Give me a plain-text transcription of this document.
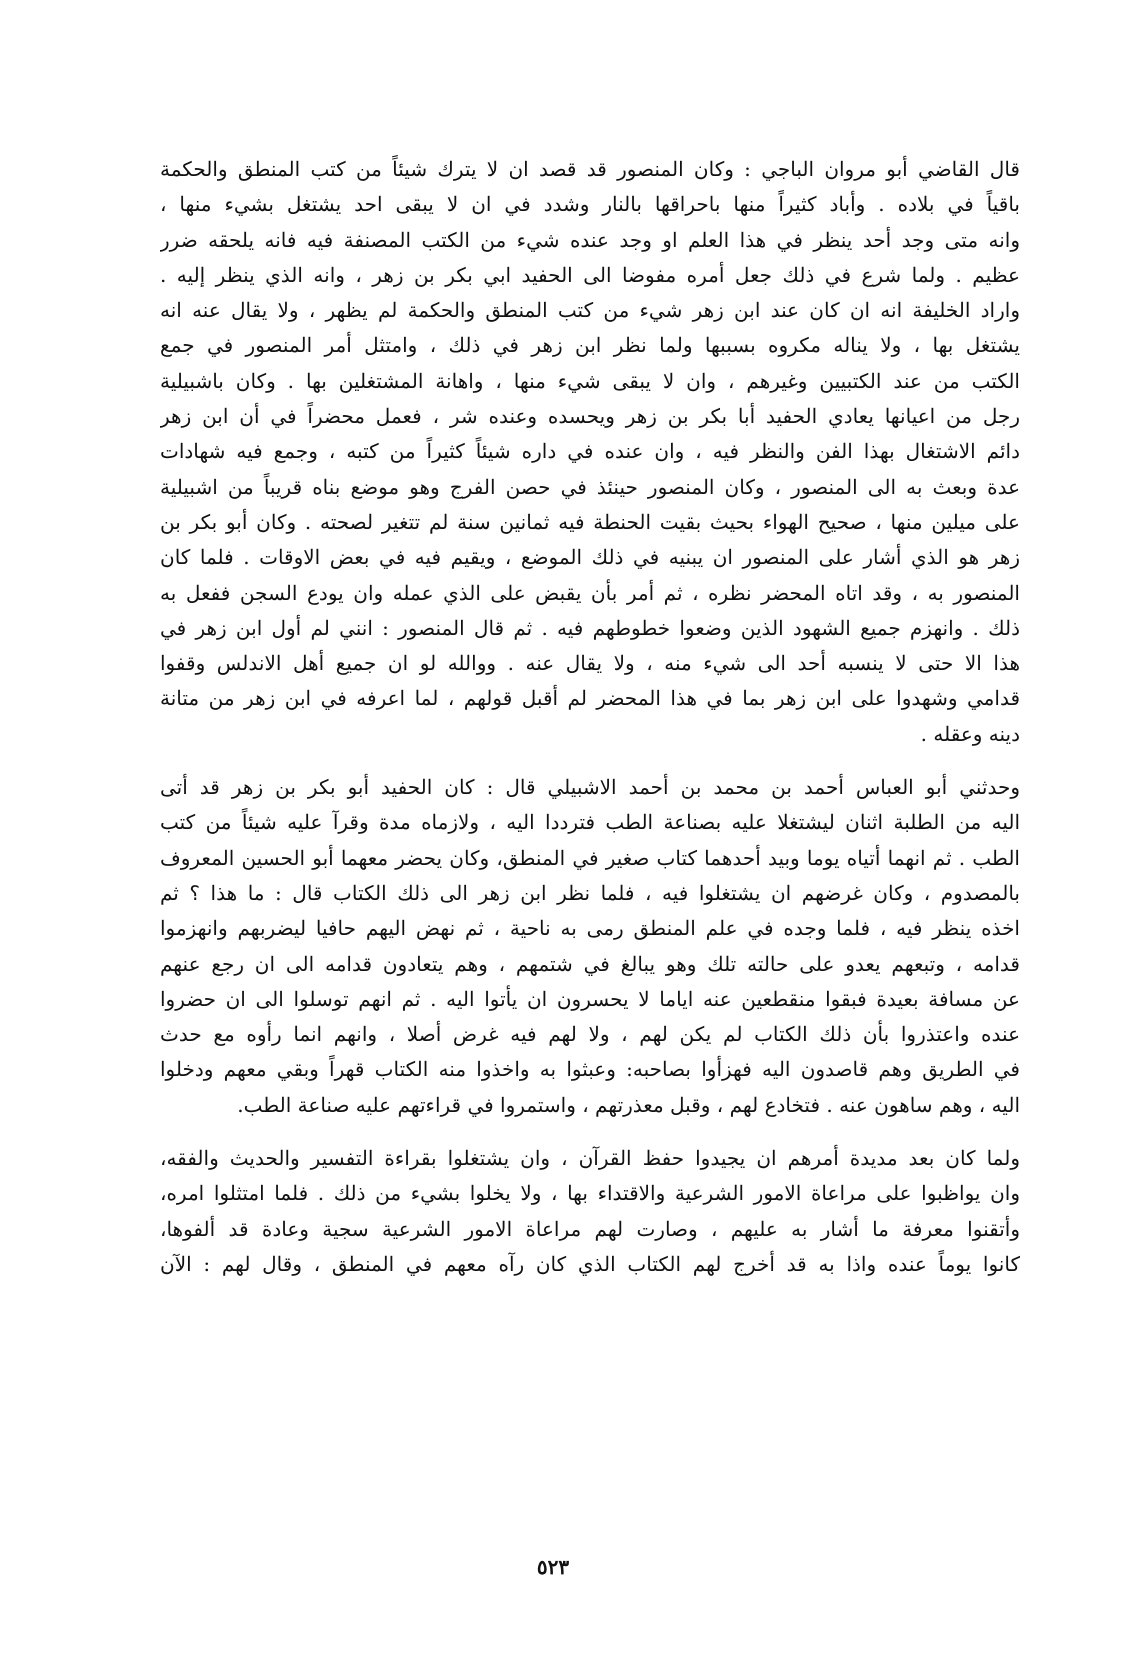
قال القاضي أبو مروان الباجي : وكان المنصور قد قصد ان لا يترك شيئاً من كتب المنطق والحكمة
باقياً في بلاده . وأباد كثيراً منها باحراقها بالنار وشدد في ان لا يبقى احد يشتغل بشيء منها ،
وانه متى وجد أحد ينظر في هذا العلم او وجد عنده شيء من الكتب المصنفة فيه فانه يلحقه ضرر
عظيم . ولما شرع في ذلك جعل أمره مفوضا الى الحفيد ابي بكر بن زهر ، وانه الذي ينظر إليه .
واراد الخليفة انه ان كان عند ابن زهر شيء من كتب المنطق والحكمة لم يظهر ، ولا يقال عنه انه
يشتغل بها ، ولا يناله مكروه بسببها ولما نظر ابن زهر في ذلك ، وامتثل أمر المنصور في جمع
الكتب من عند الكتبيين وغيرهم ، وان لا يبقى شيء منها ، واهانة المشتغلين بها . وكان باشبيلية
رجل من اعيانها يعادي الحفيد أبا بكر بن زهر ويحسده وعنده شر ، فعمل محضراً في أن ابن زهر
دائم الاشتغال بهذا الفن والنظر فيه ، وان عنده في داره شيئاً كثيراً من كتبه ، وجمع فيه شهادات
عدة وبعث به الى المنصور ، وكان المنصور حينئذ في حصن الفرج وهو موضع بناه قريباً من اشبيلية
على ميلين منها ، صحيح الهواء بحيث بقيت الحنطة فيه ثمانين سنة لم تتغير لصحته . وكان أبو بكر بن
زهر هو الذي أشار على المنصور ان يبنيه في ذلك الموضع ، ويقيم فيه في بعض الاوقات . فلما كان
المنصور به ، وقد اتاه المحضر نظره ، ثم أمر بأن يقبض على الذي عمله وان يودع السجن ففعل به
ذلك . وانهزم جميع الشهود الذين وضعوا خطوطهم فيه . ثم قال المنصور : انني لم أول ابن زهر في
هذا الا حتى لا ينسبه أحد الى شيء منه ، ولا يقال عنه . ووالله لو ان جميع أهل الاندلس وقفوا
قدامي وشهدوا على ابن زهر بما في هذا المحضر لم أقبل قولهم ، لما اعرفه في ابن زهر من متانة
دينه وعقله .
وحدثني أبو العباس أحمد بن محمد بن أحمد الاشبيلي قال : كان الحفيد أبو بكر بن زهر قد أتى
اليه من الطلبة اثنان ليشتغلا عليه بصناعة الطب فترددا اليه ، ولازماه مدة وقرآ عليه شيئاً من كتب
الطب . ثم انهما أتياه يوما وبيد أحدهما كتاب صغير في المنطق، وكان يحضر معهما أبو الحسين المعروف
بالمصدوم ، وكان غرضهم ان يشتغلوا فيه ، فلما نظر ابن زهر الى ذلك الكتاب قال : ما هذا ؟ ثم
اخذه ينظر فيه ، فلما وجده في علم المنطق رمى به ناحية ، ثم نهض اليهم حافيا ليضربهم وانهزموا
قدامه ، وتبعهم يعدو على حالته تلك وهو يبالغ في شتمهم ، وهم يتعادون قدامه الى ان رجع عنهم
عن مسافة بعيدة فبقوا منقطعين عنه اياما لا يحسرون ان يأتوا اليه . ثم انهم توسلوا الى ان حضروا
عنده واعتذروا بأن ذلك الكتاب لم يكن لهم ، ولا لهم فيه غرض أصلا ، وانهم انما رأوه مع حدث
في الطريق وهم قاصدون اليه فهزأوا بصاحبه: وعبثوا به واخذوا منه الكتاب قهراً وبقي معهم ودخلوا
اليه ، وهم ساهون عنه . فتخادع لهم ، وقبل معذرتهم ، واستمروا في قراءتهم عليه صناعة الطب.
ولما كان بعد مديدة أمرهم ان يجيدوا حفظ القرآن ، وان يشتغلوا بقراءة التفسير والحديث والفقه،
وان يواظبوا على مراعاة الامور الشرعية والاقتداء بها ، ولا يخلوا بشيء من ذلك . فلما امتثلوا امره،
وأتقنوا معرفة ما أشار به عليهم ، وصارت لهم مراعاة الامور الشرعية سجية وعادة قد ألفوها،
كانوا يوماً عنده واذا به قد أخرج لهم الكتاب الذي كان رآه معهم في المنطق ، وقال لهم : الآن
٥٢٣
